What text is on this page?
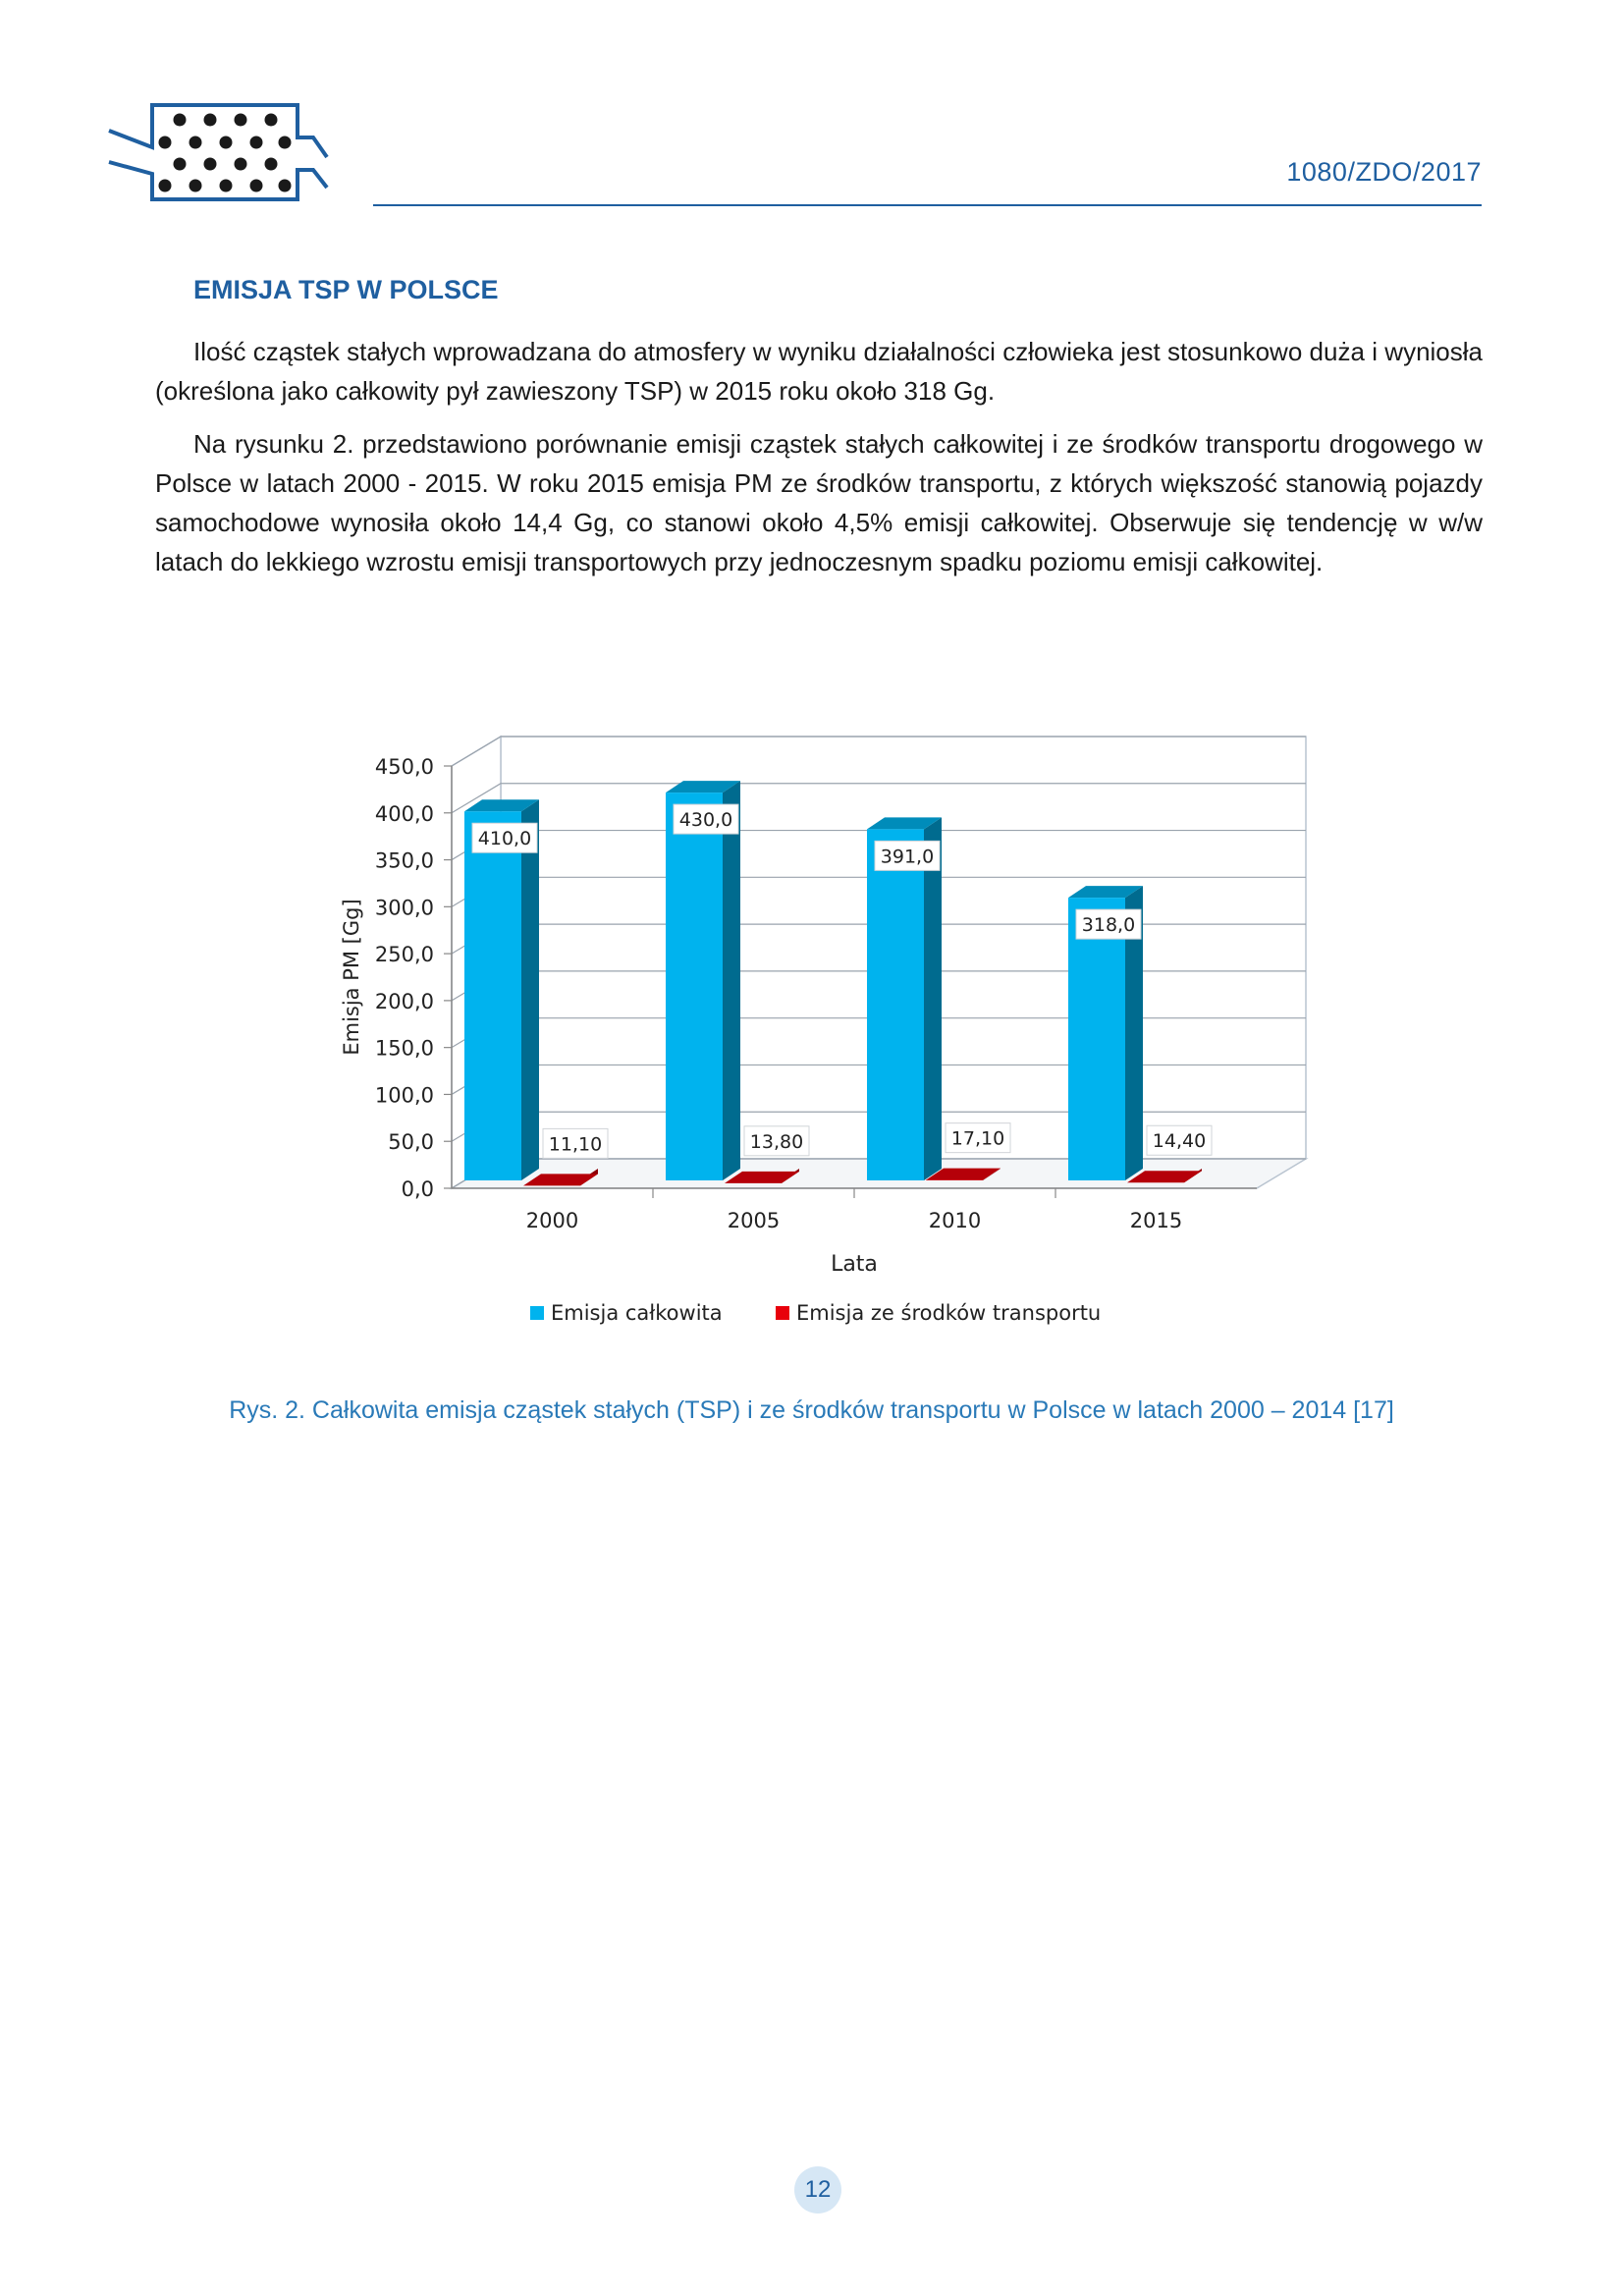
1080/ZDO/2017
EMISJA TSP W POLSCE

Ilość cząstek stałych wprowadzana do atmosfery w wyniku działalności człowieka jest stosunkowo duża i wyniosła (określona jako całkowity pył zawieszony TSP) w 2015 roku około 318 Gg.

Na rysunku 2. przedstawiono porównanie emisji cząstek stałych całkowitej i ze środków transportu drogowego w Polsce w latach 2000 - 2015. W roku 2015 emisja PM ze środków transportu, z których większość stanowią pojazdy samochodowe wynosiła około 14,4 Gg, co stanowi około 4,5% emisji całkowitej. Obserwuje się tendencję w w/w latach do lekkiego wzrostu emisji transportowych przy jednoczesnym spadku poziomu emisji całkowitej.

0,0
50,0
100,0
150,0
200,0
250,0
300,0
350,0
400,0
450,0
2000	2005	2010	2015
410,0
11,10
430,0
13,80
391,0
17,10
318,0
14,40
Emisja PM [Gg]
Lata
Emisja całkowita	Emisja ze środków transportu
Rys. 2. Całkowita emisja cząstek stałych (TSP) i ze środków transportu w Polsce w latach 2000 – 2014 [17]
12
